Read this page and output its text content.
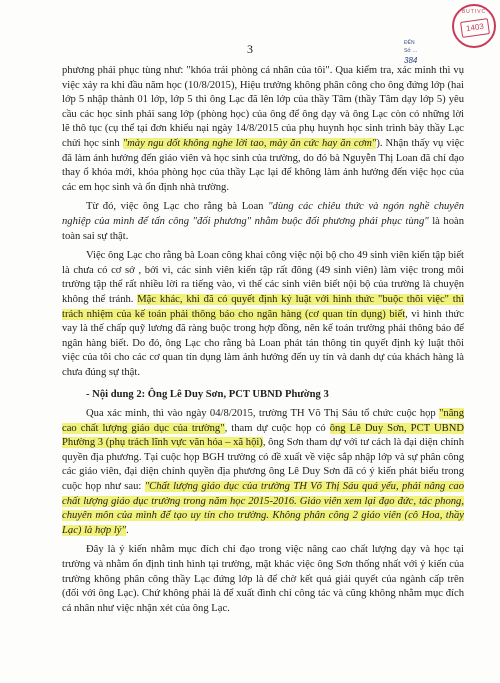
3
BUTIVC
1403
ĐẾN
Số: ...
384

phương phải phục tùng như: "khóa trái phòng cá nhân của tôi". Qua kiểm tra, xác minh thì vụ việc xảy ra khi đầu năm học (10/8/2015), Hiệu trưởng không phân công cho ông đứng lớp (hai lớp 5 nhập thành 01 lớp, lớp 5 thì ông Lạc đã lên lớp của thầy Tâm (thầy Tâm dạy lớp 5) yêu cầu các học sinh phải sang lớp (phòng học) của ông để ông dạy và ông Lạc còn có những lời lẽ thô tục (cụ thể tại đơn khiếu nại ngày 14/8/2015 của phụ huynh học sinh trình bày thầy Lạc chửi học sinh "mày ngu dốt không nghe lời tao, mày ăn cức hay ăn cơm"). Nhận thấy vụ việc đã làm ảnh hưởng đến giáo viên và học sinh của trường, do đó bà Nguyễn Thị Loan đã chỉ đạo thay ổ khóa mới, khóa phòng học của thầy Lạc lại để không làm ảnh hưởng đến việc học của các em học sinh và ổn định nhà trường.

Từ đó, việc ông Lạc cho rằng bà Loan "dùng các chiêu thức và ngón nghề chuyên nghiệp của mình để tấn công "đối phương" nhằm buộc đối phương phải phục tùng" là hoàn toàn sai sự thật.

Việc ông Lạc cho rằng bà Loan công khai công việc nội bộ cho 49 sinh viên kiến tập biết là chưa có cơ sở , bởi vì, các sinh viên kiến tập rất đông (49 sinh viên) làm việc trong môi trường tập thể rất nhiều lời ra tiếng vào, vì thế các sinh viên biết nội bộ của trường là chuyện không thể tránh. Mặc khác, khi đã có quyết định kỷ luật với hình thức "buộc thôi việc" thì trách nhiệm của kế toán phải thông báo cho ngân hàng (cơ quan tín dụng) biết, vì hình thức vay là thế chấp quỹ lương đã ràng buộc trong hợp đồng, nên kế toán trường phải thông báo để ngân hàng biết. Do đó, ông Lạc cho rằng bà Loan phát tán thông tin quyết định kỷ luật thôi việc của tôi cho các cơ quan tín dụng làm ảnh hưởng đến uy tín và danh dự của khách hàng là chưa đúng sự thật.

- Nội dung 2: Ông Lê Duy Sơn, PCT UBND Phường 3

Qua xác minh, thì vào ngày 04/8/2015, trường TH Võ Thị Sáu tổ chức cuộc họp "nâng cao chất lượng giáo dục của trường", tham dự cuộc họp có ông Lê Duy Sơn, PCT UBND Phường 3 (phụ trách lĩnh vực văn hóa – xã hội), ông Sơn tham dự với tư cách là đại diện chính quyền địa phương. Tại cuộc họp BGH trường có đề xuất về việc sắp nhập lớp và sự phân công các giáo viên, đại diện chính quyền địa phương ông Lê Duy Sơn đã có ý kiến phát biểu trong cuộc họp như sau: "Chất lượng giáo dục của trường TH Võ Thị Sáu quá yếu, phải nâng cao chất lượng giáo dục trường trong năm học 2015-2016. Giáo viên xem lại đạo đức, tác phong, chuyên môn của mình để tạo uy tín cho trường. Không phân công 2 giáo viên (cô Hoa, thầy Lạc) là hợp lý".

Đây là ý kiến nhằm mục đích chỉ đạo trong việc nâng cao chất lượng dạy và học tại trường và nhằm ổn định tình hình tại trường, mặt khác việc ông Sơn thống nhất với ý kiến của trường không phân công thầy Lạc đứng lớp là để chờ kết quả giải quyết của ngành cấp trên (đối với ông Lạc). Chứ không phải là để xuất đình chỉ công tác và cũng không nhằm mục đích cá nhân như việc nhận xét của ông Lạc.
